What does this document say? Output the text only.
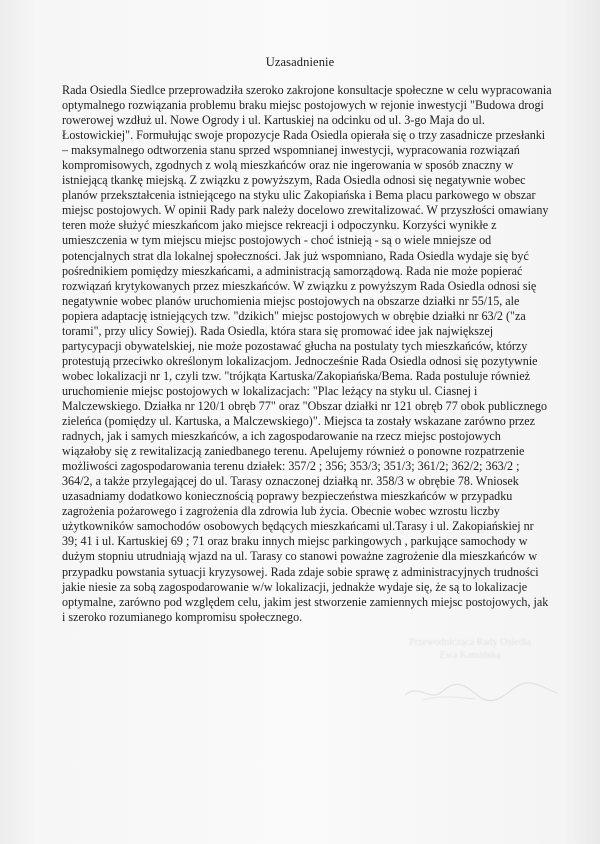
Uzasadnienie

Rada Osiedla Siedlce przeprowadziła szeroko zakrojone konsultacje społeczne w celu wypracowania optymalnego rozwiązania problemu braku miejsc postojowych w rejonie inwestycji "Budowa drogi rowerowej wzdłuż ul. Nowe Ogrody i ul. Kartuskiej na odcinku od ul. 3-go Maja do ul. Łostowickiej". Formułując swoje propozycje Rada Osiedla opierała się o trzy zasadnicze przesłanki – maksymalnego odtworzenia stanu sprzed wspomnianej inwestycji, wypracowania rozwiązań kompromisowych, zgodnych z wolą mieszkańców oraz nie ingerowania w sposób znaczny w istniejącą tkankę miejską. Z związku z powyższym, Rada Osiedla odnosi się negatywnie wobec planów przekształcenia istniejącego na styku ulic Zakopiańska i Bema placu parkowego w obszar miejsc postojowych. W opinii Rady park należy docelowo zrewitalizować. W przyszłości omawiany teren może służyć mieszkańcom jako miejsce rekreacji i odpoczynku. Korzyści wynikłe z umieszczenia w tym miejscu miejsc postojowych - choć istnieją - są o wiele mniejsze od potencjalnych strat dla lokalnej społeczności. Jak już wspomniano, Rada Osiedla wydaje się być pośrednikiem pomiędzy mieszkańcami, a administracją samorządową. Rada nie może popierać rozwiązań krytykowanych przez mieszkańców. W związku z powyższym Rada Osiedla odnosi się negatywnie wobec planów uruchomienia miejsc postojowych na obszarze działki nr 55/15, ale popiera adaptację istniejących tzw. "dzikich" miejsc postojowych w obrębie działki nr 63/2 ("za torami", przy ulicy Sowiej). Rada Osiedla, która stara się promować idee jak największej partycypacji obywatelskiej, nie może pozostawać głucha na postulaty tych mieszkańców, którzy protestują przeciwko określonym lokalizacjom. Jednocześnie Rada Osiedla odnosi się pozytywnie wobec lokalizacji nr 1, czyli tzw. "trójkąta Kartuska/Zakopiańska/Bema. Rada postuluje również uruchomienie miejsc postojowych w lokalizacjach: "Plac leżący na styku ul. Ciasnej i Malczewskiego. Działka nr 120/1 obręb 77" oraz "Obszar działki nr 121 obręb 77 obok publicznego zieleńca (pomiędzy ul. Kartuska, a Malczewskiego)". Miejsca ta zostały wskazane zarówno przez radnych, jak i samych mieszkańców, a ich zagospodarowanie na rzecz miejsc postojowych wiązałoby się z rewitalizacją zaniedbanego terenu. Apelujemy również o ponowne rozpatrzenie możliwości zagospodarowania terenu działek: 357/2 ; 356; 353/3; 351/3; 361/2; 362/2; 363/2 ; 364/2, a także przylegającej do ul. Tarasy oznaczonej działką nr. 358/3 w obrębie 78. Wniosek uzasadniamy dodatkowo koniecznością poprawy bezpieczeństwa mieszkańców w przypadku zagrożenia pożarowego i zagrożenia dla zdrowia lub życia. Obecnie wobec wzrostu liczby użytkowników samochodów osobowych będących mieszkańcami ul.Tarasy i ul. Zakopiańskiej nr 39; 41 i ul. Kartuskiej 69 ; 71 oraz braku innych miejsc parkingowych , parkujące samochody w dużym stopniu utrudniają wjazd na ul. Tarasy co stanowi poważne zagrożenie dla mieszkańców w przypadku powstania sytuacji kryzysowej. Rada zdaje sobie sprawę z administracyjnych trudności jakie niesie za sobą zagospodarowanie w/w lokalizacji, jednakże wydaje się, że są to lokalizacje optymalne, zarówno pod względem celu, jakim jest stworzenie zamiennych miejsc postojowych, jak i szeroko rozumianego kompromisu społecznego.

Przewodnicząca Rady Osiedla
Ewa Kamińska
